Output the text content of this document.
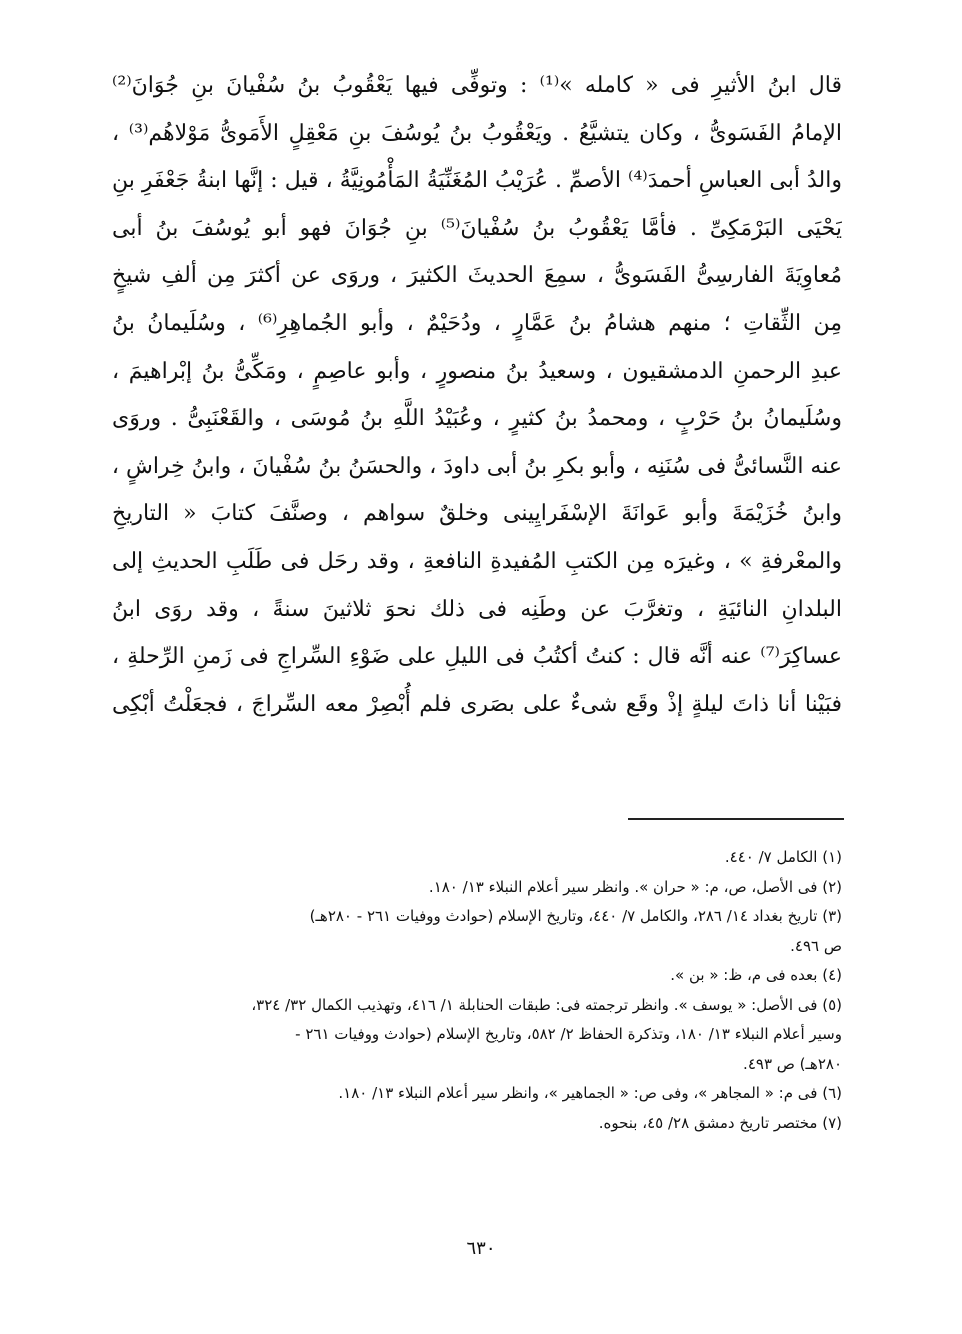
قال ابنُ الأثيرِ فى « كامله »⁽¹⁾ : وتوفِّى فيها يَعْقُوبُ بنُ سُفْيانَ بنِ جُوَانَ⁽²⁾
الإمامُ الفَسَوىُّ ، وكان يتشيَّعُ . ويَعْقُوبُ بنُ يُوسُفَ بنِ مَعْقِلٍ الأَمَوىُّ مَوْلاهُم⁽³⁾ ،
والدُ أبى العباسِ أحمدَ⁽⁴⁾ الأصمِّ . عُرَيْبُ المُغَنِّيَةُ المَأْمُونِيَّةُ ، قيل : إنَّها ابنةُ جَعْفَرِ بنِ
يَحْيَى البَرْمَكِىِّ . فأمَّا يَعْقُوبُ بنُ سُفْيانَ⁽⁵⁾ بنِ جُوَانَ فهو أبو يُوسُفَ بنُ أبى
مُعاوِيَةَ الفارسِىُّ الفَسَوىُّ ، سمِعَ الحديثَ الكثيرَ ، وروَى عن أكثرَ مِن ألفِ شيخٍ
مِن الثِّقاتِ ؛ منهم هشامُ بنُ عَمَّارٍ ، ودُحَيْمٌ ، وأبو الجُماهِرِ⁽⁶⁾ ، وسُلَيمانُ بنُ
عبدِ الرحمنِ الدمشقيون ، وسعيدُ بنُ منصورٍ ، وأبو عاصِمٍ ، ومَكِّىُّ بنُ إبْراهيمَ ،
وسُلَيمانُ بنُ حَرْبٍ ، ومحمدُ بنُ كثيرٍ ، وعُبَيْدُ اللَّهِ بنُ مُوسَى ، والقَعْنَبِىُّ . وروَى
عنه النَّسائىُّ فى سُنَنِه ، وأبو بكرِ بنُ أبى داودَ ، والحسَنُ بنُ سُفْيانَ ، وابنُ خِراشٍ ،
وابنُ خُزَيْمَةَ وأبو عَوانَةَ الإسْفَرايِينى وخلقٌ سواهم ، وصنَّفَ كتابَ « التاريخِ
والمعْرفةِ » ، وغيرَه مِن الكتبِ المُفيدةِ النافعةِ ، وقد رحَل فى طَلَبِ الحديثِ إلى
البلدانِ النائيَةِ ، وتغرَّبَ عن وطَنِه فى ذلك نحوَ ثلاثينَ سنةً ، وقد روَى ابنُ
عساكِرَ⁽⁷⁾ عنه أنَّه قال : كنتُ أكتُبُ فى الليلِ على ضَوْءِ السِّراجِ فى زَمنِ الرِّحلةِ ،
فبَيْنا أنا ذاتَ ليلةٍ إذْ وقَع شىءٌ على بصَرى فلم أُبْصِرْ معه السِّراجَ ، فجعَلْتُ أبْكِى
(١) الكامل ٧/ ٤٤٠.
(٢) فى الأصل، ص، م: « حران ». وانظر سير أعلام النبلاء ١٣/ ١٨٠.
(٣) تاريخ بغداد ١٤/ ٢٨٦، والكامل ٧/ ٤٤٠، وتاريخ الإسلام (حوادث ووفيات ٢٦١ - ٢٨٠هـ)
ص ٤٩٦.
(٤) بعده فى م، ظ: « بن ».
(٥) فى الأصل: « يوسف ». وانظر ترجمته فى: طبقات الحنابلة ١/ ٤١٦، وتهذيب الكمال ٣٢/ ٣٢٤،
وسير أعلام النبلاء ١٣/ ١٨٠، وتذكرة الحفاظ ٢/ ٥٨٢، وتاريخ الإسلام (حوادث ووفيات ٢٦١ -
٢٨٠هـ) ص ٤٩٣.
(٦) فى م: « المجاهر »، وفى ص: « الجماهير »، وانظر سير أعلام النبلاء ١٣/ ١٨٠.
(٧) مختصر تاريخ دمشق ٢٨/ ٤٥، بنحوه.
٦٣٠
